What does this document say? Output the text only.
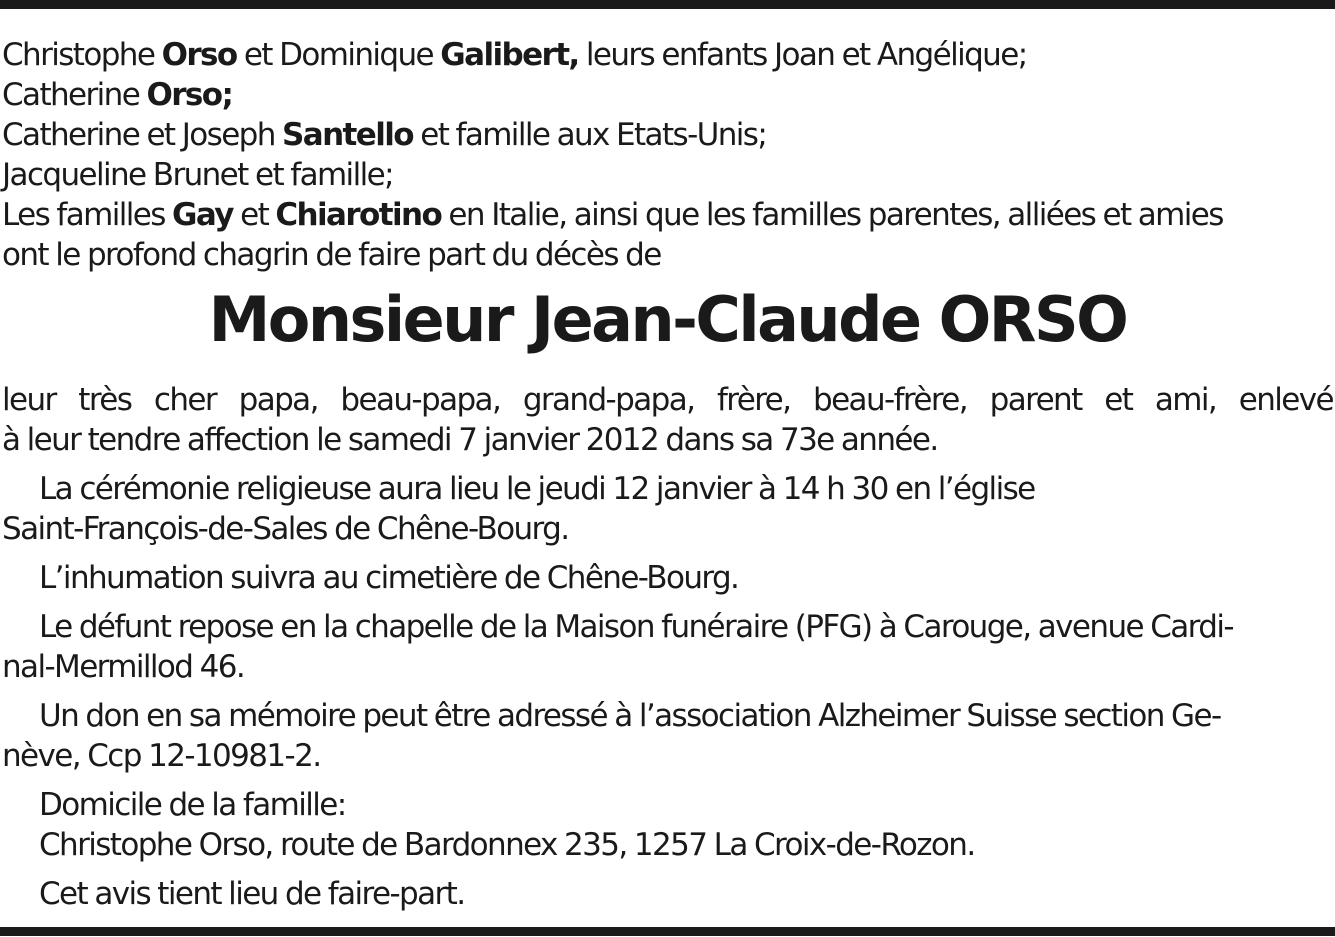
Christophe Orso et Dominique Galibert, leurs enfants Joan et Angélique;
Catherine Orso;
Catherine et Joseph Santello et famille aux Etats-Unis;
Jacqueline Brunet et famille;
Les familles Gay et Chiarotino en Italie, ainsi que les familles parentes, alliées et amies
ont le profond chagrin de faire part du décès de
Monsieur Jean-Claude ORSO
leur très cher papa, beau-papa, grand-papa, frère, beau-frère, parent et ami, enlevé
à leur tendre affection le samedi 7 janvier 2012 dans sa 73e année.
La cérémonie religieuse aura lieu le jeudi 12 janvier à 14 h 30 en l’église
Saint-François-de-Sales de Chêne-Bourg.
L’inhumation suivra au cimetière de Chêne-Bourg.
Le défunt repose en la chapelle de la Maison funéraire (PFG) à Carouge, avenue Cardi-
nal-Mermillod 46.
Un don en sa mémoire peut être adressé à l’association Alzheimer Suisse section Ge-
nève, Ccp 12-10981-2.
Domicile de la famille:
Christophe Orso, route de Bardonnex 235, 1257 La Croix-de-Rozon.
Cet avis tient lieu de faire-part.
